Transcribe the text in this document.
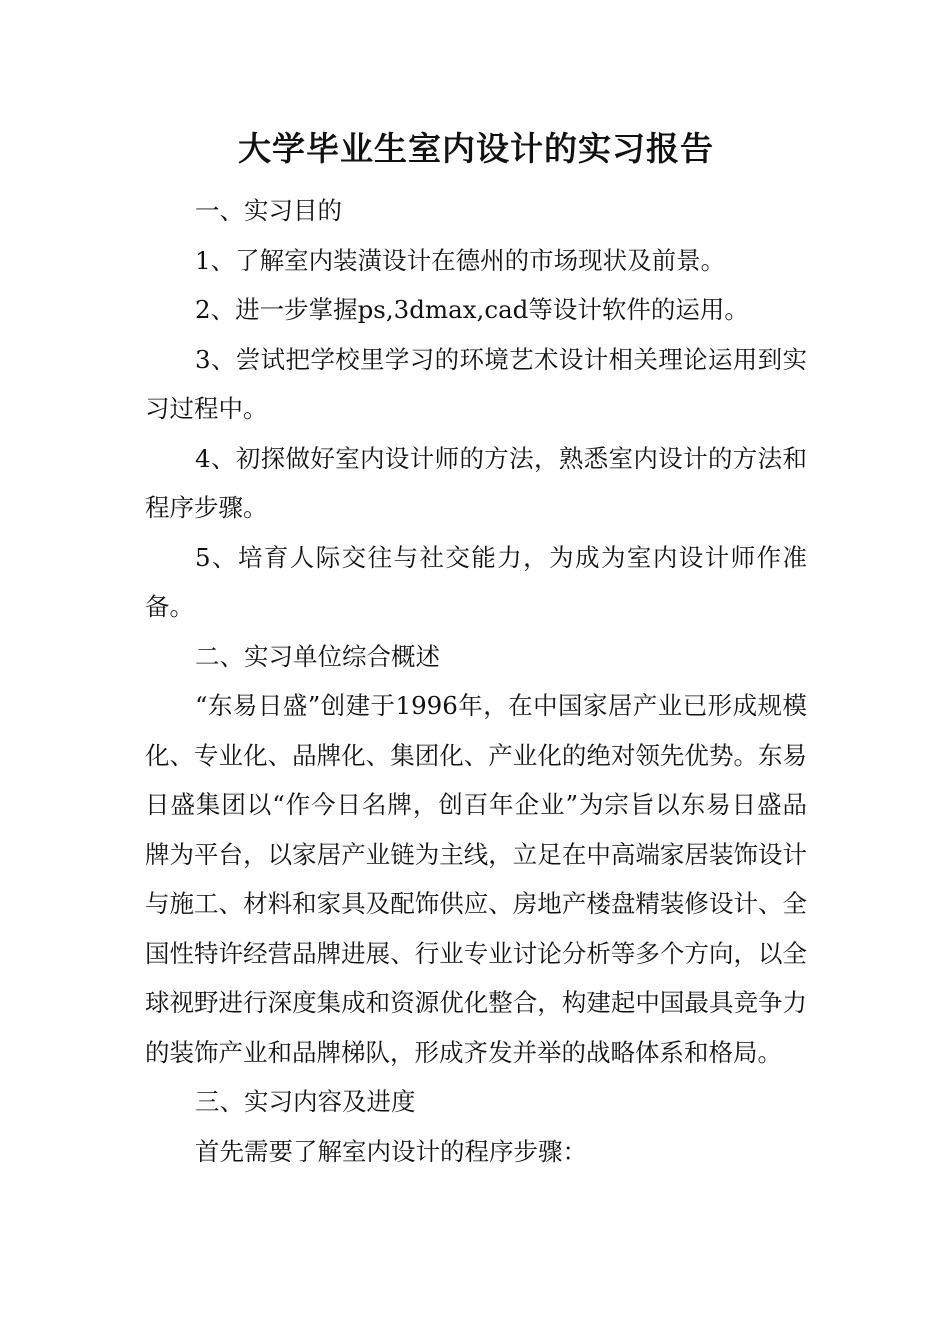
大学毕业生室内设计的实习报告

一、实习目的

1、了解室内装潢设计在德州的市场现状及前景。

2、进一步掌握ps,3dmax,cad等设计软件的运用。

3、尝试把学校里学习的环境艺术设计相关理论运用到实习过程中。

4、初探做好室内设计师的方法，熟悉室内设计的方法和程序步骤。

5、培育人际交往与社交能力，为成为室内设计师作准备。

二、实习单位综合概述

“东易日盛”创建于1996年，在中国家居产业已形成规模化、专业化、品牌化、集团化、产业化的绝对领先优势。东易日盛集团以“作今日名牌，创百年企业”为宗旨以东易日盛品牌为平台，以家居产业链为主线，立足在中高端家居装饰设计与施工、材料和家具及配饰供应、房地产楼盘精装修设计、全国性特许经营品牌进展、行业专业讨论分析等多个方向，以全球视野进行深度集成和资源优化整合，构建起中国最具竞争力的装饰产业和品牌梯队，形成齐发并举的战略体系和格局。

三、实习内容及进度

首先需要了解室内设计的程序步骤：
